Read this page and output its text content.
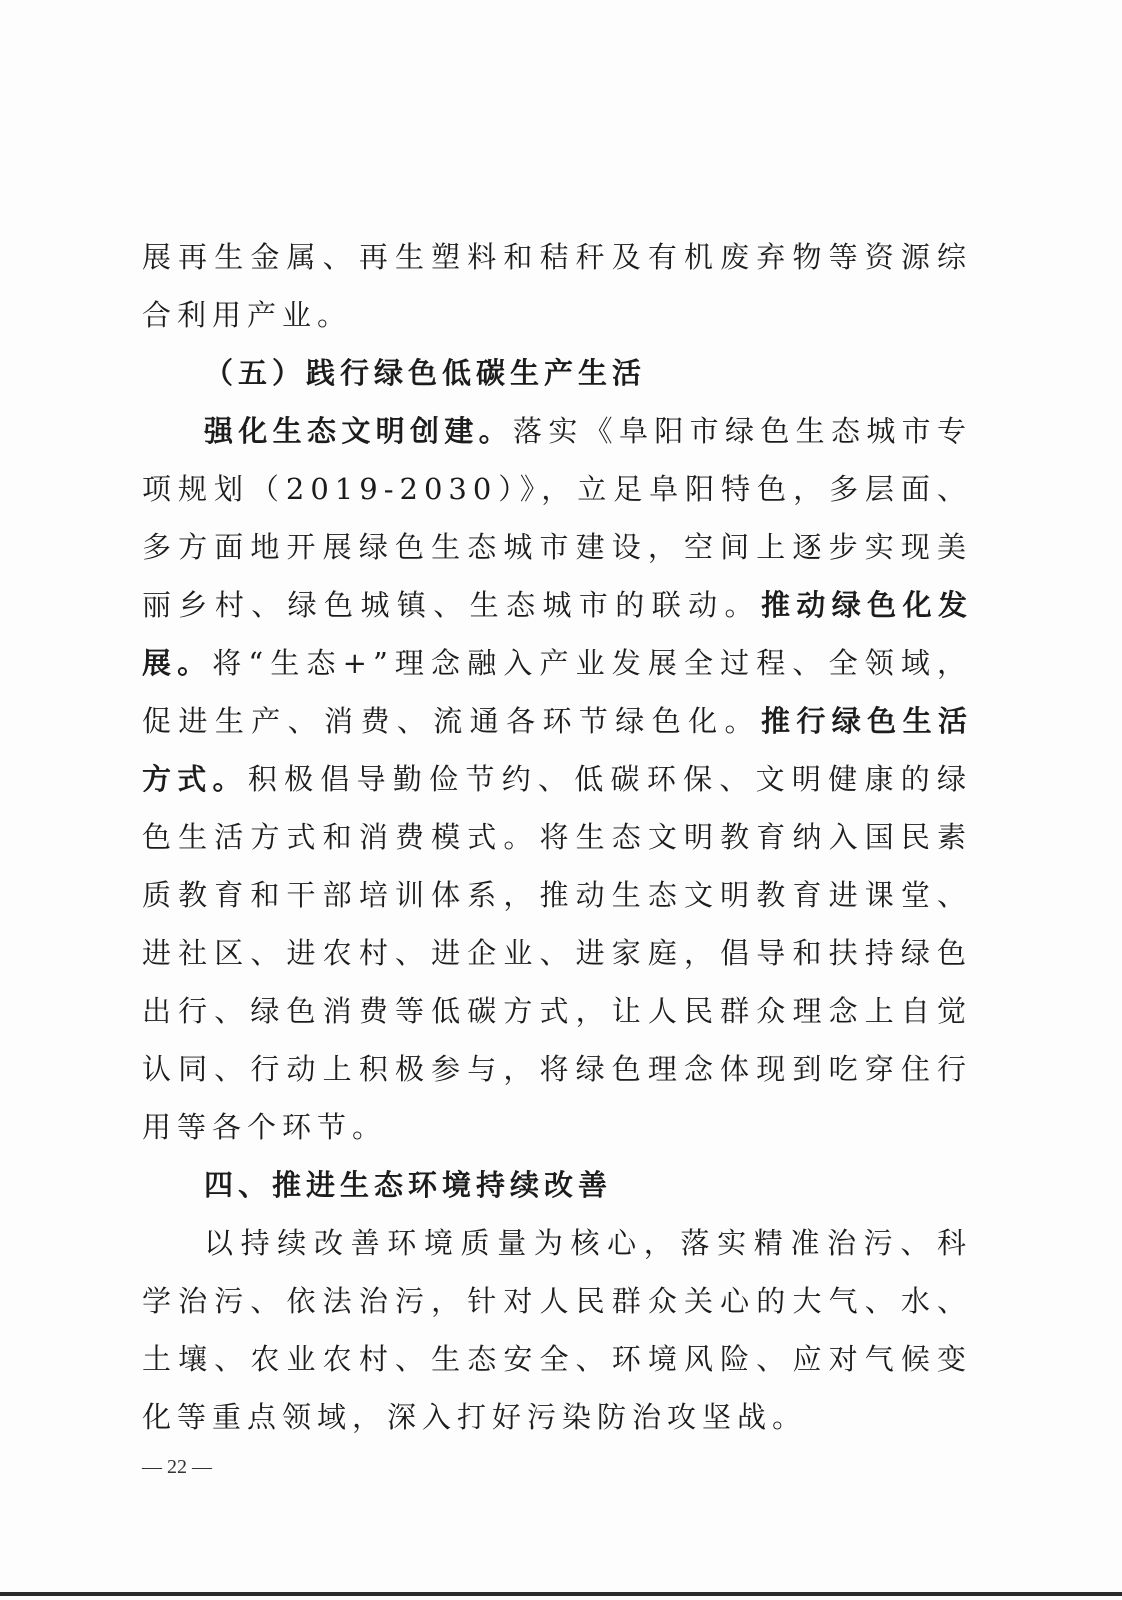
展再生金属、再生塑料和秸秆及有机废弃物等资源综合利用产业。

（五）践行绿色低碳生产生活

强化生态文明创建。落实《阜阳市绿色生态城市专项规划（2019-2030）》，立足阜阳特色，多层面、多方面地开展绿色生态城市建设，空间上逐步实现美丽乡村、绿色城镇、生态城市的联动。推动绿色化发展。将“生态+”理念融入产业发展全过程、全领域，促进生产、消费、流通各环节绿色化。推行绿色生活方式。积极倡导勤俭节约、低碳环保、文明健康的绿色生活方式和消费模式。将生态文明教育纳入国民素质教育和干部培训体系，推动生态文明教育进课堂、进社区、进农村、进企业、进家庭，倡导和扶持绿色出行、绿色消费等低碳方式，让人民群众理念上自觉认同、行动上积极参与，将绿色理念体现到吃穿住行用等各个环节。

四、推进生态环境持续改善

以持续改善环境质量为核心，落实精准治污、科学治污、依法治污，针对人民群众关心的大气、水、土壤、农业农村、生态安全、环境风险、应对气候变化等重点领域，深入打好污染防治攻坚战。

— 22 —
